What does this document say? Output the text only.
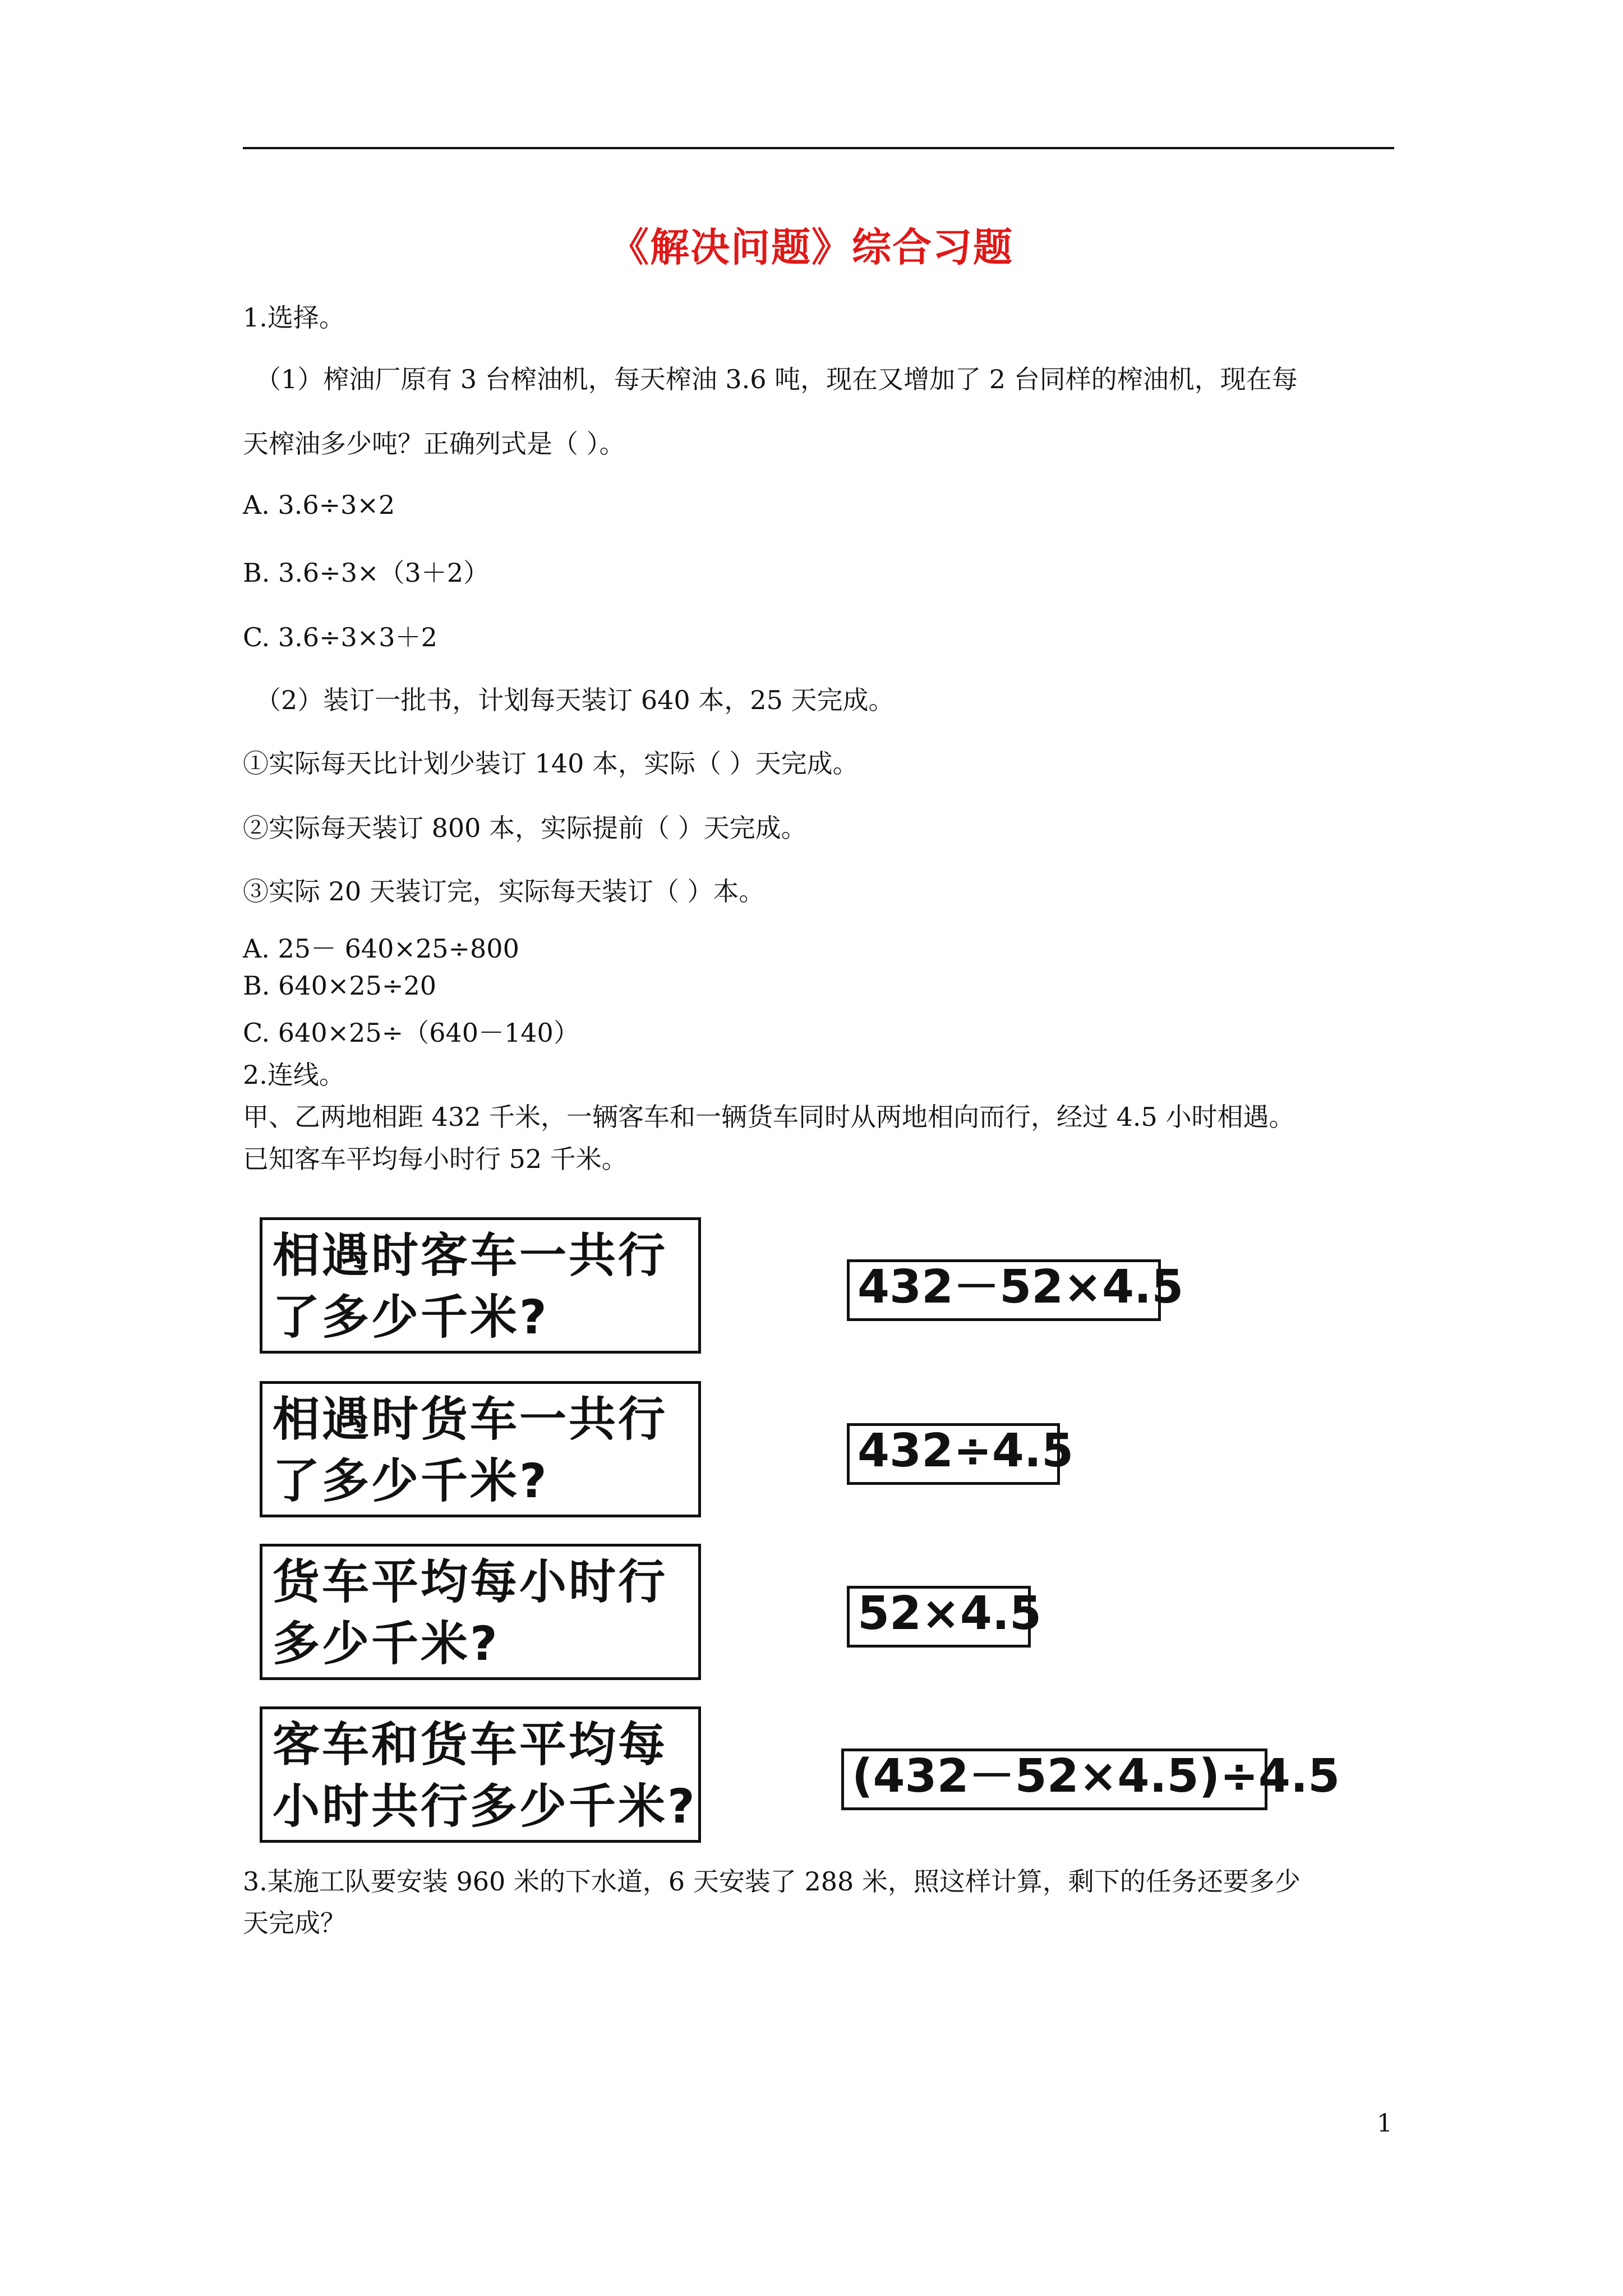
《解决问题》综合习题
1.选择。
（1）榨油厂原有 3 台榨油机，每天榨油 3.6 吨，现在又增加了 2 台同样的榨油机，现在每
天榨油多少吨？正确列式是（ ）。
A. 3.6÷3×2
B. 3.6÷3×（3＋2）
C. 3.6÷3×3＋2
（2）装订一批书，计划每天装订 640 本，25 天完成。
①实际每天比计划少装订 140 本，实际（ ）天完成。
②实际每天装订 800 本，实际提前（ ）天完成。
③实际 20 天装订完，实际每天装订（ ）本。
A. 25－ 640×25÷800
B. 640×25÷20
C. 640×25÷（640－140）
2.连线。
甲、乙两地相距 432 千米，一辆客车和一辆货车同时从两地相向而行，经过 4.5 小时相遇。
已知客车平均每小时行 52 千米。
相遇时客车一共行
了多少千米?
相遇时货车一共行
了多少千米?
货车平均每小时行
多少千米?
客车和货车平均每
小时共行多少千米?
432－52×4.5
432÷4.5
52×4.5
(432－52×4.5)÷4.5
3.某施工队要安装 960 米的下水道，6 天安装了 288 米，照这样计算，剩下的任务还要多少
天完成？
1
